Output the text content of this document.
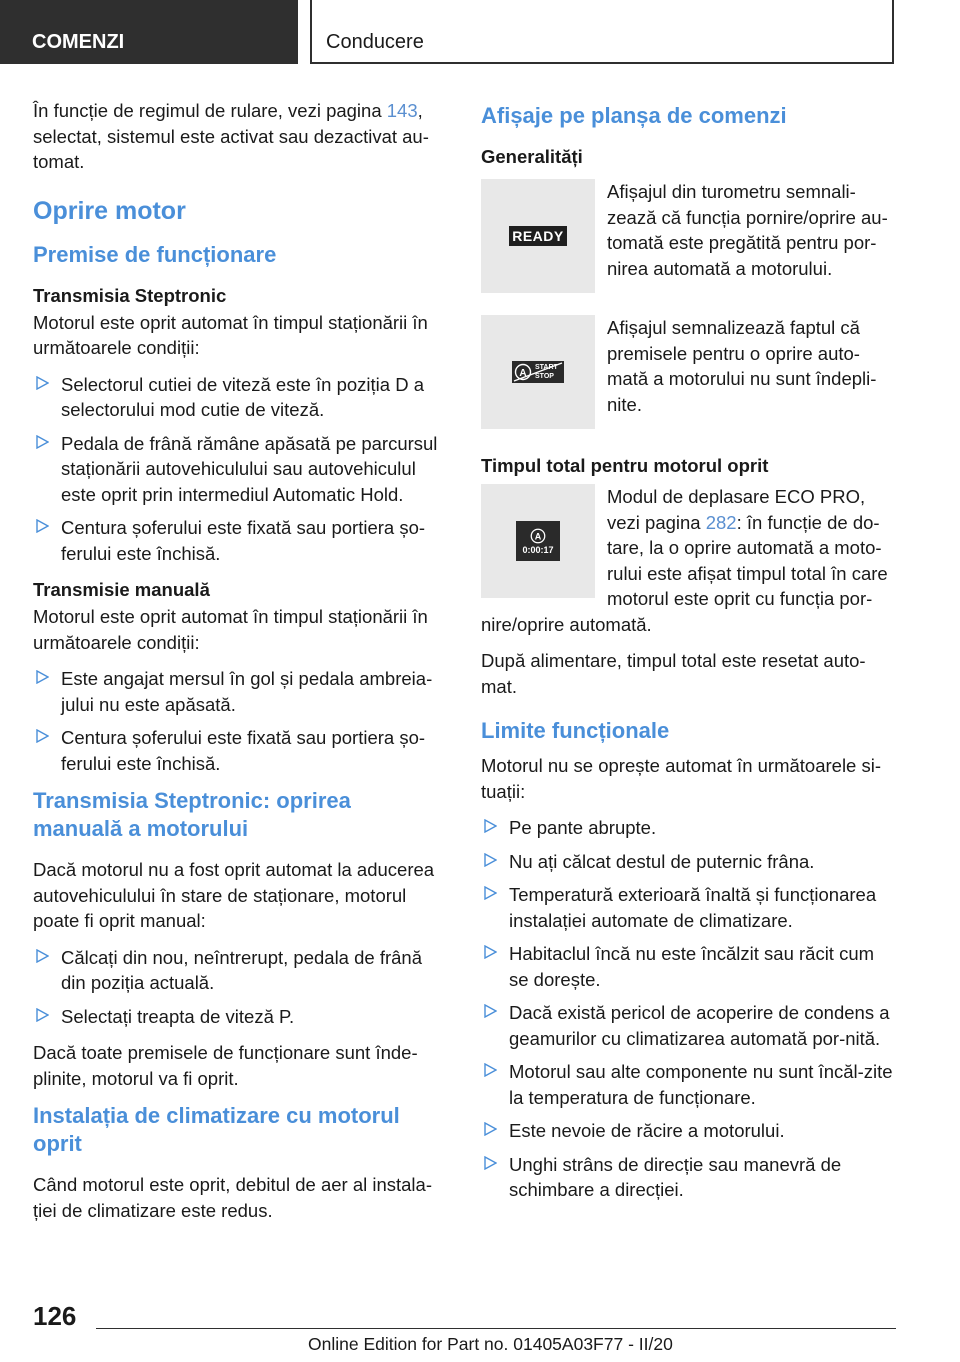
COMENZI	Conducere

În funcție de regimul de rulare, vezi pagina 143, selectat, sistemul este activat sau dezactivat au-tomat.

Oprire motor
Premise de funcționare
Transmisia Steptronic

Motorul este oprit automat în timpul staționării în următoarele condiții:

Selectorul cutiei de viteză este în poziția D a selectorului mod cutie de viteză.
Pedala de frână rămâne apăsată pe parcursul staționării autovehiculului sau autovehiculul este oprit prin intermediul Automatic Hold.
Centura șoferului este fixată sau portiera șo-ferului este închisă.
Transmisie manuală

Motorul este oprit automat în timpul staționării în următoarele condiții:

Este angajat mersul în gol și pedala ambreia-jului nu este apăsată.
Centura șoferului este fixată sau portiera șo-ferului este închisă.
Transmisia Steptronic: oprirea manuală a motorului

Dacă motorul nu a fost oprit automat la aducerea autovehiculului în stare de staționare, motorul poate fi oprit manual:

Călcați din nou, neîntrerupt, pedala de frână din poziția actuală.
Selectați treapta de viteză P.

Dacă toate premisele de funcționare sunt înde-plinite, motorul va fi oprit.

Instalația de climatizare cu motorul oprit

Când motorul este oprit, debitul de aer al instala-ției de climatizare este redus.

Afișaje pe planșa de comenzi
Generalități
READY
Afișajul din turometru semnali-zează că funcția pornire/oprire au-tomată este pregătită pentru por-nirea automată a motorului.
A
START
STOP
Afișajul semnalizează faptul că premisele pentru o oprire auto-mată a motorului nu sunt îndepli-nite.
Timpul total pentru motorul oprit
A
0:00:17

Modul de deplasare ECO PRO, vezi pagina 282: în funcție de do-tare, la o oprire automată a moto-rului este afișat timpul total în care motorul este oprit cu funcția por-nire/oprire automată.

După alimentare, timpul total este resetat auto-mat.

Limite funcționale

Motorul nu se oprește automat în următoarele si-tuații:

Pe pante abrupte.
Nu ați călcat destul de puternic frâna.
Temperatură exterioară înaltă și funcționarea instalației automate de climatizare.
Habitaclul încă nu este încălzit sau răcit cum se dorește.
Dacă există pericol de acoperire de condens a geamurilor cu climatizarea automată por-nită.
Motorul sau alte componente nu sunt încăl-zite la temperatura de funcționare.
Este nevoie de răcire a motorului.
Unghi strâns de direcție sau manevră de schimbare a direcției.
126
Online Edition for Part no. 01405A03F77 - II/20
